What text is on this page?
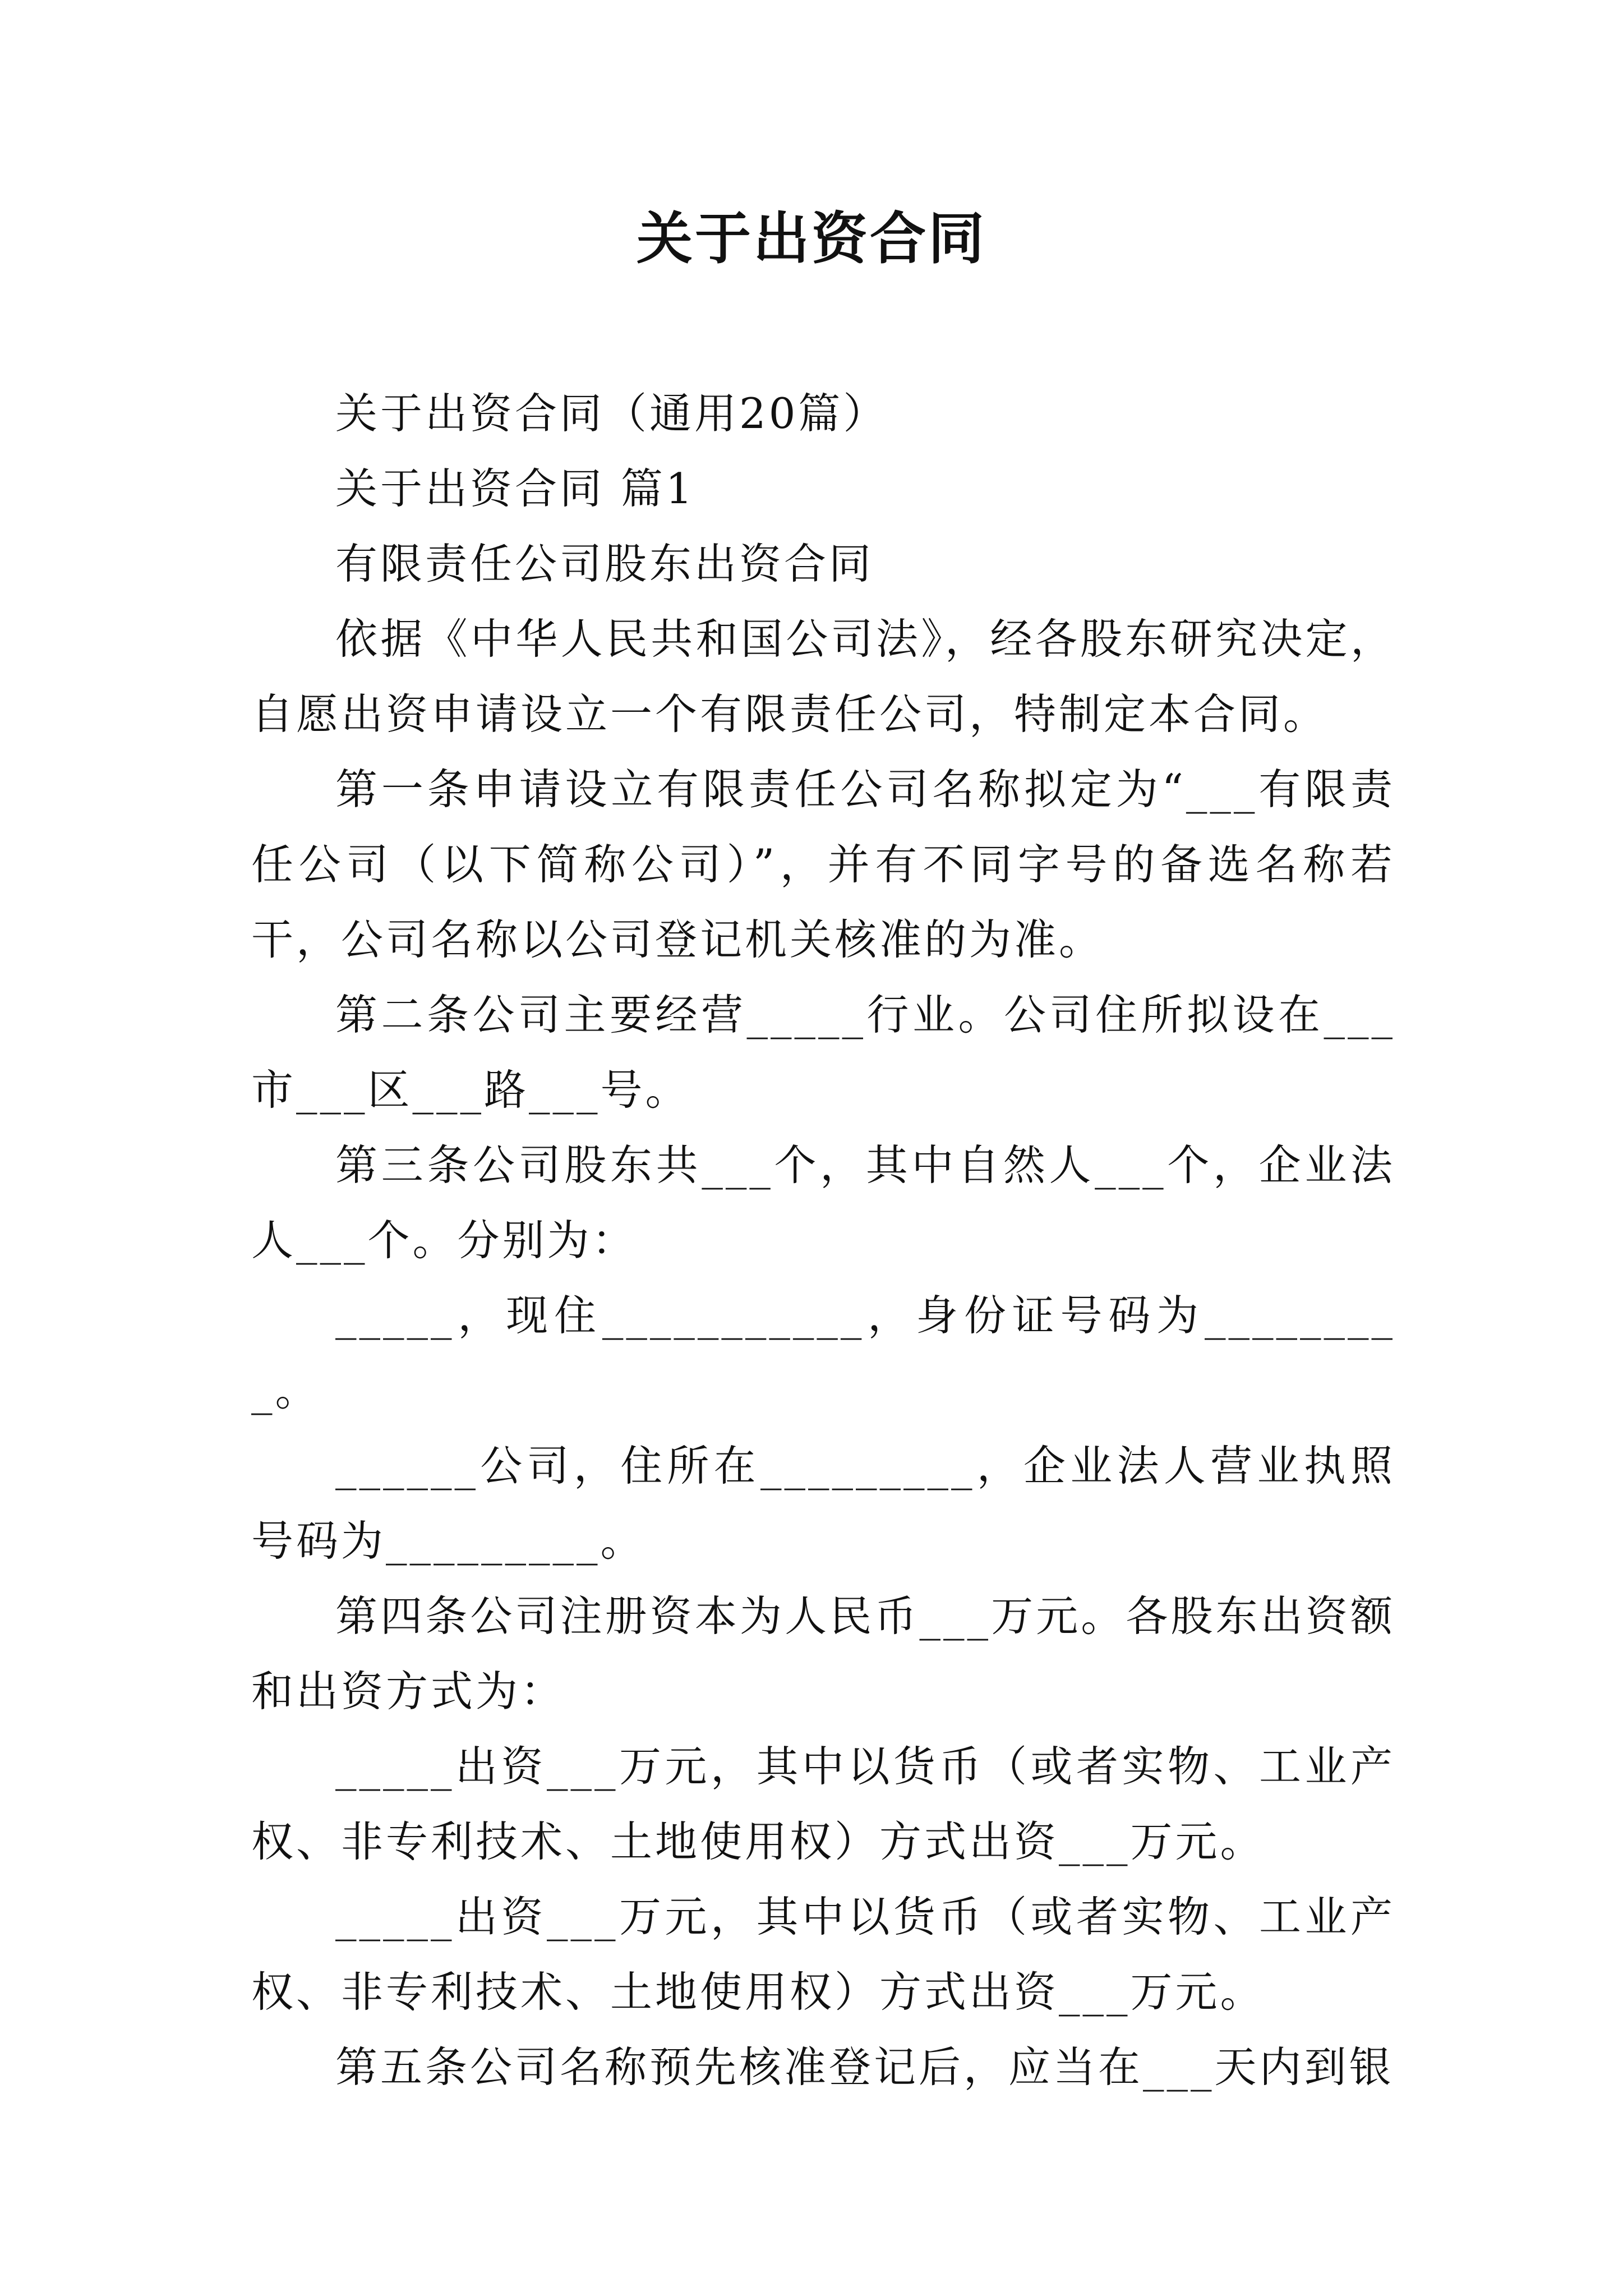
关于出资合同

关于出资合同（通用20篇）

关于出资合同 篇1

有限责任公司股东出资合同

依据《中华人民共和国公司法》，经各股东研究决定，自愿出资申请设立一个有限责任公司，特制定本合同。

第一条申请设立有限责任公司名称拟定为“___有限责任公司（以下简称公司）”，并有不同字号的备选名称若干，公司名称以公司登记机关核准的为准。

第二条公司主要经营_____行业。公司住所拟设在___市___区___路___号。

第三条公司股东共___个，其中自然人___个，企业法人___个。分别为：

_____，现住___________，身份证号码为_________。

______公司，住所在_________，企业法人营业执照号码为_________。

第四条公司注册资本为人民币___万元。各股东出资额和出资方式为：

_____出资___万元，其中以货币（或者实物、工业产权、非专利技术、土地使用权）方式出资___万元。

_____出资___万元，其中以货币（或者实物、工业产权、非专利技术、土地使用权）方式出资___万元。

第五条公司名称预先核准登记后，应当在___天内到银
